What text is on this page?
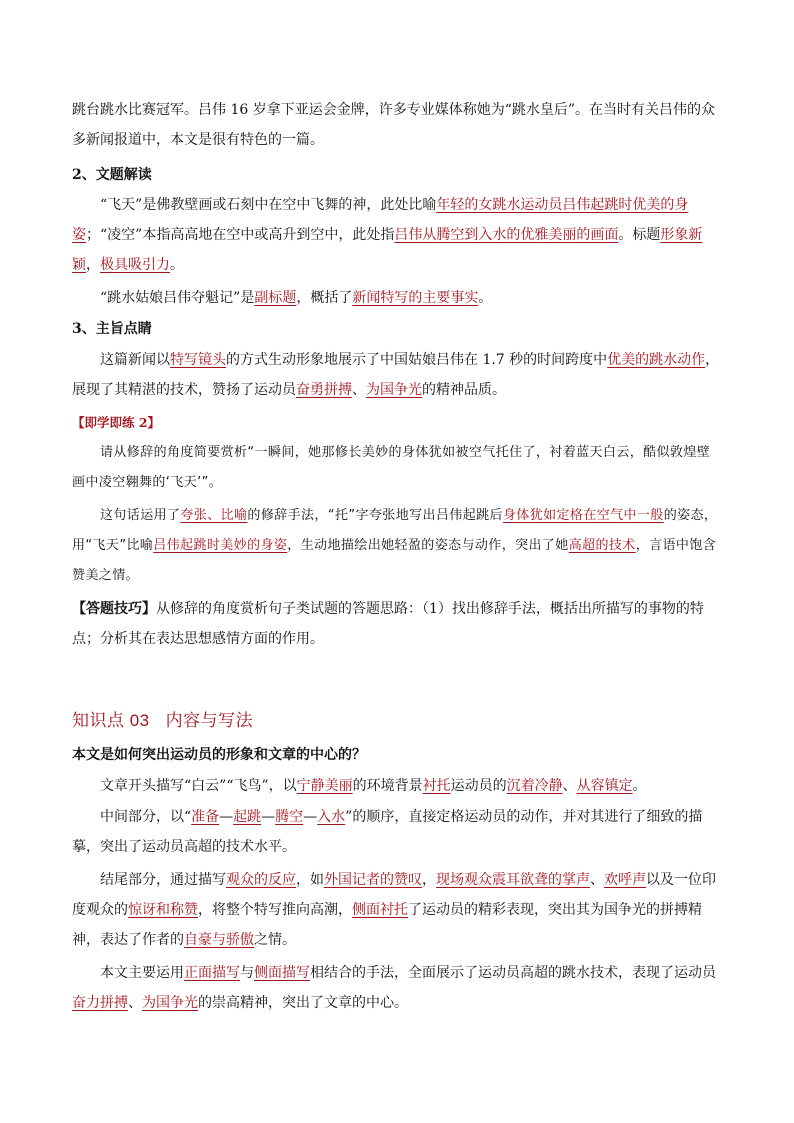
跳台跳水比赛冠军。吕伟 16 岁拿下亚运会金牌，许多专业媒体称她为“跳水皇后”。在当时有关吕伟的众
多新闻报道中，本文是很有特色的一篇。

2、文题解读

“飞天”是佛教壁画或石刻中在空中飞舞的神，此处比喻年轻的女跳水运动员吕伟起跳时优美的身姿；“凌空”本指高高地在空中或高升到空中，此处指吕伟从腾空到入水的优雅美丽的画面。标题形象新颖，极具吸引力。

“跳水姑娘吕伟夺魁记”是副标题，概括了新闻特写的主要事实。

3、主旨点睛

这篇新闻以特写镜头的方式生动形象地展示了中国姑娘吕伟在 1.7 秒的时间跨度中优美的跳水动作，展现了其精湛的技术，赞扬了运动员奋勇拼搏、为国争光的精神品质。

【即学即练 2】

请从修辞的角度简要赏析“一瞬间，她那修长美妙的身体犹如被空气托住了，衬着蓝天白云，酷似敦煌壁画中凌空翱舞的‘飞天’”。

这句话运用了夸张、比喻的修辞手法，“托”字夸张地写出吕伟起跳后身体犹如定格在空气中一般的姿态，用“飞天”比喻吕伟起跳时美妙的身姿，生动地描绘出她轻盈的姿态与动作，突出了她高超的技术，言语中饱含赞美之情。

【答题技巧】从修辞的角度赏析句子类试题的答题思路：（1）找出修辞手法，概括出所描写的事物的特点；分析其在表达思想感情方面的作用。

知识点 03 内容与写法

本文是如何突出运动员的形象和文章的中心的？

文章开头描写“白云”“飞鸟”，以宁静美丽的环境背景衬托运动员的沉着冷静、从容镇定。

中间部分，以“准备—起跳—腾空—入水”的顺序，直接定格运动员的动作，并对其进行了细致的描摹，突出了运动员高超的技术水平。

结尾部分，通过描写观众的反应，如外国记者的赞叹，现场观众震耳欲聋的掌声、欢呼声以及一位印度观众的惊讶和称赞，将整个特写推向高潮，侧面衬托了运动员的精彩表现，突出其为国争光的拼搏精神，表达了作者的自豪与骄傲之情。

本文主要运用正面描写与侧面描写相结合的手法，全面展示了运动员高超的跳水技术，表现了运动员奋力拼搏、为国争光的崇高精神，突出了文章的中心。
